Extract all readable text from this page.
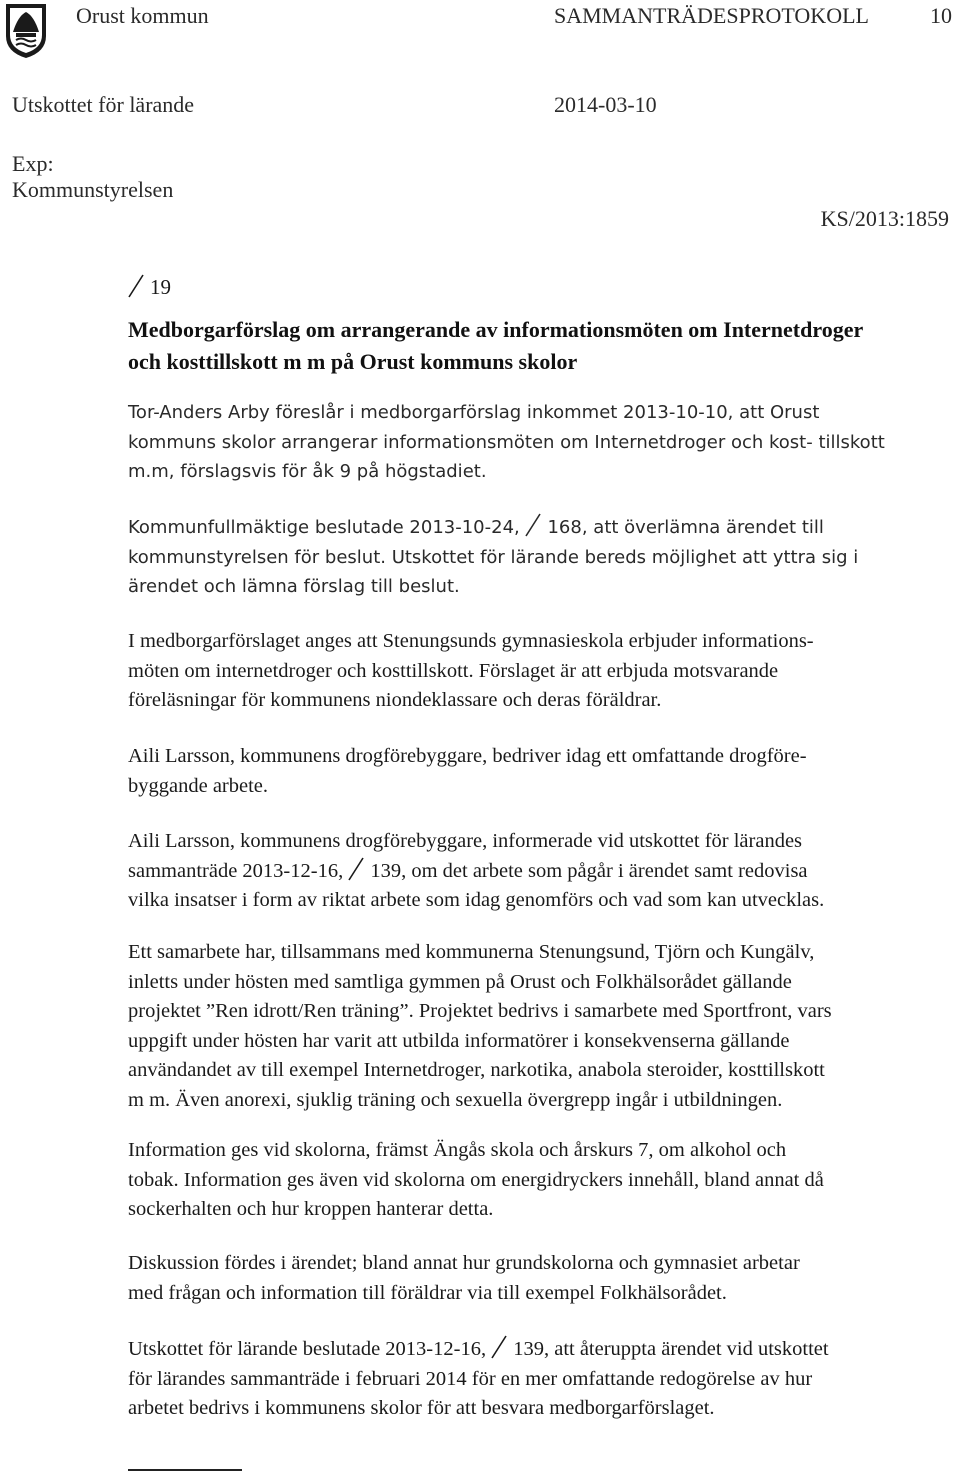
Orust kommun	SAMMANTRÄDESPROTOKOLL	10
Utskottet för lärande	2014-03-10
Exp:
Kommunstyrelsen
KS/2013:1859
19
Medborgarförslag om arrangerande av informationsmöten om Internetdroger
och kosttillskott m m på Orust kommuns skolor
Tor-Anders Arby föreslår i medborgarförslag inkommet 2013-10-10, att Orust
kommuns skolor arrangerar informationsmöten om Internetdroger och kost- tillskott
m.m, förslagsvis för åk 9 på högstadiet.
Kommunfullmäktige beslutade 2013-10-24, 168, att överlämna ärendet till
kommunstyrelsen för beslut. Utskottet för lärande bereds möjlighet att yttra sig i
ärendet och lämna förslag till beslut.
I medborgarförslaget anges att Stenungsunds gymnasieskola erbjuder informations-
möten om internetdroger och kosttillskott. Förslaget är att erbjuda motsvarande
föreläsningar för kommunens niondeklassare och deras föräldrar.
Aili Larsson, kommunens drogförebyggare, bedriver idag ett omfattande drogföre-
byggande arbete.
Aili Larsson, kommunens drogförebyggare, informerade vid utskottet för lärandes
sammanträde 2013-12-16, 139, om det arbete som pågår i ärendet samt redovisa
vilka insatser i form av riktat arbete som idag genomförs och vad som kan utvecklas.
Ett samarbete har, tillsammans med kommunerna Stenungsund, Tjörn och Kungälv,
inletts under hösten med samtliga gymmen på Orust och Folkhälsorådet gällande
projektet ”Ren idrott/Ren träning”. Projektet bedrivs i samarbete med Sportfront, vars
uppgift under hösten har varit att utbilda informatörer i konsekvenserna gällande
användandet av till exempel Internetdroger, narkotika, anabola steroider, kosttillskott
m m. Även anorexi, sjuklig träning och sexuella övergrepp ingår i utbildningen.
Information ges vid skolorna, främst Ängås skola och årskurs 7, om alkohol och
tobak. Information ges även vid skolorna om energidryckers innehåll, bland annat då
sockerhalten och hur kroppen hanterar detta.
Diskussion fördes i ärendet; bland annat hur grundskolorna och gymnasiet arbetar
med frågan och information till föräldrar via till exempel Folkhälsorådet.
Utskottet för lärande beslutade 2013-12-16, 139, att återuppta ärendet vid utskottet
för lärandes sammanträde i februari 2014 för en mer omfattande redogörelse av hur
arbetet bedrivs i kommunens skolor för att besvara medborgarförslaget.
